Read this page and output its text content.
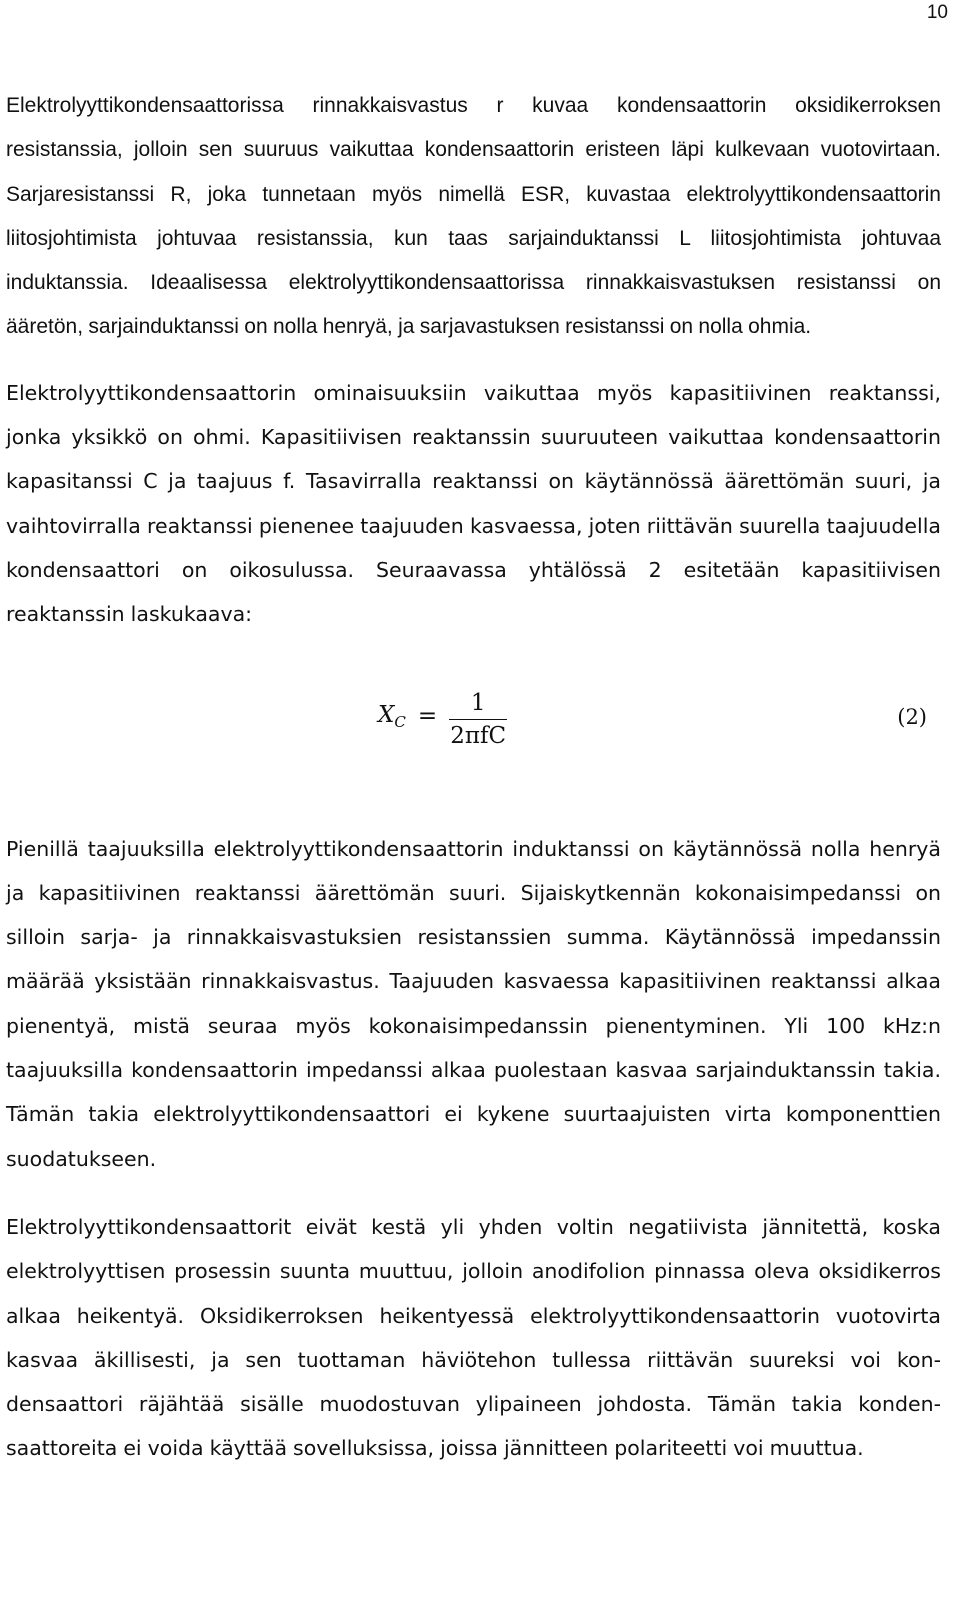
10

Elektrolyyttikondensaattorissa rinnakkaisvastus r kuvaa kondensaattorin oksidikerroksen resistanssia, jolloin sen suuruus vaikuttaa kondensaattorin eristeen läpi kulkevaan vuotovirtaan. Sarjaresistanssi R, joka tunnetaan myös nimellä ESR, kuvastaa elektrolyyttikondensaattorin liitosjohtimista johtuvaa resistanssia, kun taas sarjainduktanssi L liitosjohtimista johtuvaa induktanssia. Ideaalisessa elektrolyyttikondensaattorissa rinnakkaisvastuksen resistanssi on ääretön, sarjainduktanssi on nolla henryä, ja sarjavastuksen resistanssi on nolla ohmia.

Elektrolyyttikondensaattorin ominaisuuksiin vaikuttaa myös kapasitiivinen reaktanssi, jonka yksikkö on ohmi. Kapasitiivisen reaktanssin suuruuteen vaikuttaa kondensaattorin kapasitanssi C ja taajuus f. Tasavirralla reaktanssi on käytännössä äärettömän suuri, ja vaihtovirralla reaktanssi pienenee taajuuden kasvaessa, joten riittävän suurella taajuudella kondensaattori on oikosulussa. Seuraavassa yhtälössä 2 esitetään kapasitiivisen reaktanssin laskukaava:

$X_C = \frac{1}{\text{2πfC}}$	(2)

Pienillä taajuuksilla elektrolyyttikondensaattorin induktanssi on käytännössä nolla henryä ja kapasitiivinen reaktanssi äärettömän suuri. Sijaiskytkennän kokonaisimpedanssi on silloin sarja- ja rinnakkaisvastuksien resistanssien summa. Käytännössä impedanssin määrää yksistään rinnakkaisvastus. Taajuuden kasvaessa kapasitiivinen reaktanssi alkaa pienentyä, mistä seuraa myös kokonaisimpedanssin pienentyminen. Yli 100 kHz:n taajuuksilla kondensaattorin impedanssi alkaa puolestaan kasvaa sarjainduktanssin takia. Tämän takia elektrolyyttikondensaattori ei kykene suurtaajuisten virta komponenttien suodatukseen.

Elektrolyyttikondensaattorit eivät kestä yli yhden voltin negatiivista jännitettä, koska elektrolyyttisen prosessin suunta muuttuu, jolloin anodifolion pinnassa oleva oksidikerros alkaa heikentyä. Oksidikerroksen heikentyessä elektrolyyttikondensaattorin vuotovirta kasvaa äkillisesti, ja sen tuottaman häviötehon tullessa riittävän suureksi voi kondensaattori räjähtää sisälle muodostuvan ylipaineen johdosta. Tämän takia kondensaattoreita ei voida käyttää sovelluksissa, joissa jännitteen polariteetti voi muuttua.
